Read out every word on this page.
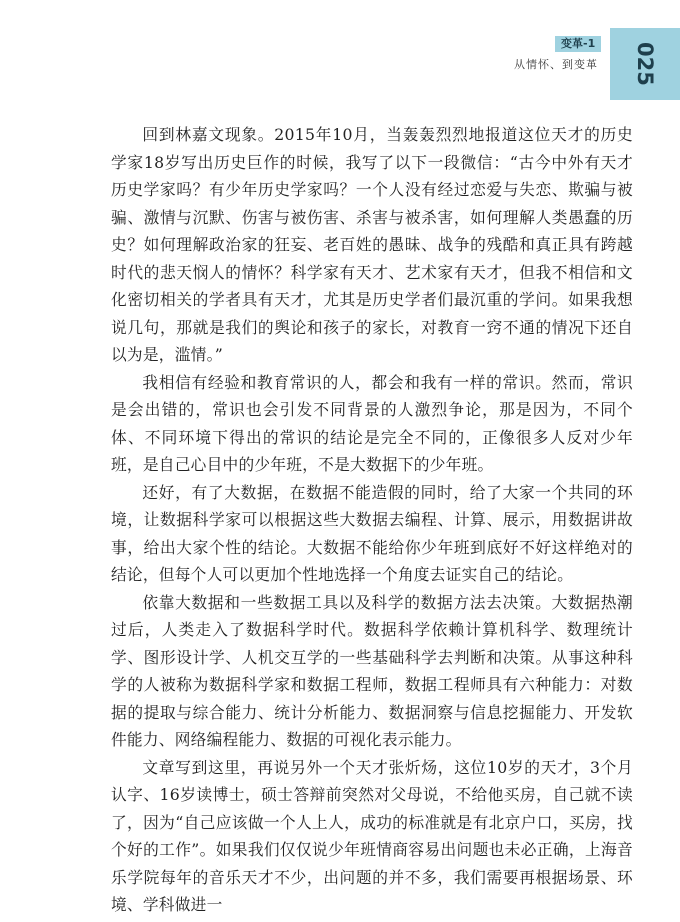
025
变革-1
从情怀、到变革

回到林嘉文现象。2015年10月，当轰轰烈烈地报道这位天才的历史学家18岁写出历史巨作的时候，我写了以下一段微信：“古今中外有天才历史学家吗？有少年历史学家吗？一个人没有经过恋爱与失恋、欺骗与被骗、激情与沉默、伤害与被伤害、杀害与被杀害，如何理解人类愚蠢的历史？如何理解政治家的狂妄、老百姓的愚昧、战争的残酷和真正具有跨越时代的悲天悯人的情怀？科学家有天才、艺术家有天才，但我不相信和文化密切相关的学者具有天才，尤其是历史学者们最沉重的学问。如果我想说几句，那就是我们的舆论和孩子的家长，对教育一窍不通的情况下还自以为是，滥情。”

我相信有经验和教育常识的人，都会和我有一样的常识。然而，常识是会出错的，常识也会引发不同背景的人激烈争论，那是因为，不同个体、不同环境下得出的常识的结论是完全不同的，正像很多人反对少年班，是自己心目中的少年班，不是大数据下的少年班。

还好，有了大数据，在数据不能造假的同时，给了大家一个共同的环境，让数据科学家可以根据这些大数据去编程、计算、展示，用数据讲故事，给出大家个性的结论。大数据不能给你少年班到底好不好这样绝对的结论，但每个人可以更加个性地选择一个角度去证实自己的结论。

依靠大数据和一些数据工具以及科学的数据方法去决策。大数据热潮过后，人类走入了数据科学时代。数据科学依赖计算机科学、数理统计学、图形设计学、人机交互学的一些基础科学去判断和决策。从事这种科学的人被称为数据科学家和数据工程师，数据工程师具有六种能力：对数据的提取与综合能力、统计分析能力、数据洞察与信息挖掘能力、开发软件能力、网络编程能力、数据的可视化表示能力。

文章写到这里，再说另外一个天才张炘炀，这位10岁的天才，3个月认字、16岁读博士，硕士答辩前突然对父母说，不给他买房，自己就不读了，因为“自己应该做一个人上人，成功的标准就是有北京户口，买房，找个好的工作”。如果我们仅仅说少年班情商容易出问题也未必正确，上海音乐学院每年的音乐天才不少，出问题的并不多，我们需要再根据场景、环境、学科做进一
